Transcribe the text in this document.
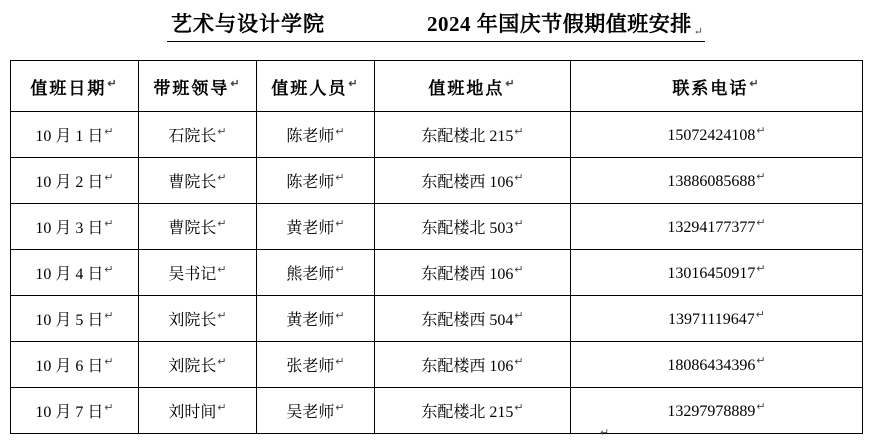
艺术与设计学院
	2024 年国庆节假期值班安排 ↵
值班日期↵	带班领导↵	值班人员↵	值班地点↵	联系电话↵
10 月 1 日↵	石院长↵	陈老师↵	东配楼北 215↵	15072424108↵
10 月 2 日↵	曹院长↵	陈老师↵	东配楼西 106↵	13886085688↵
10 月 3 日↵	曹院长↵	黄老师↵	东配楼北 503↵	13294177377↵
10 月 4 日↵	吴书记↵	熊老师↵	东配楼西 106↵	13016450917↵
10 月 5 日↵	刘院长↵	黄老师↵	东配楼西 504↵	13971119647↵
10 月 6 日↵	刘院长↵	张老师↵	东配楼西 106↵	18086434396↵
10 月 7 日↵	刘时间↵	吴老师↵	东配楼北 215↵	13297978889↵
↵
